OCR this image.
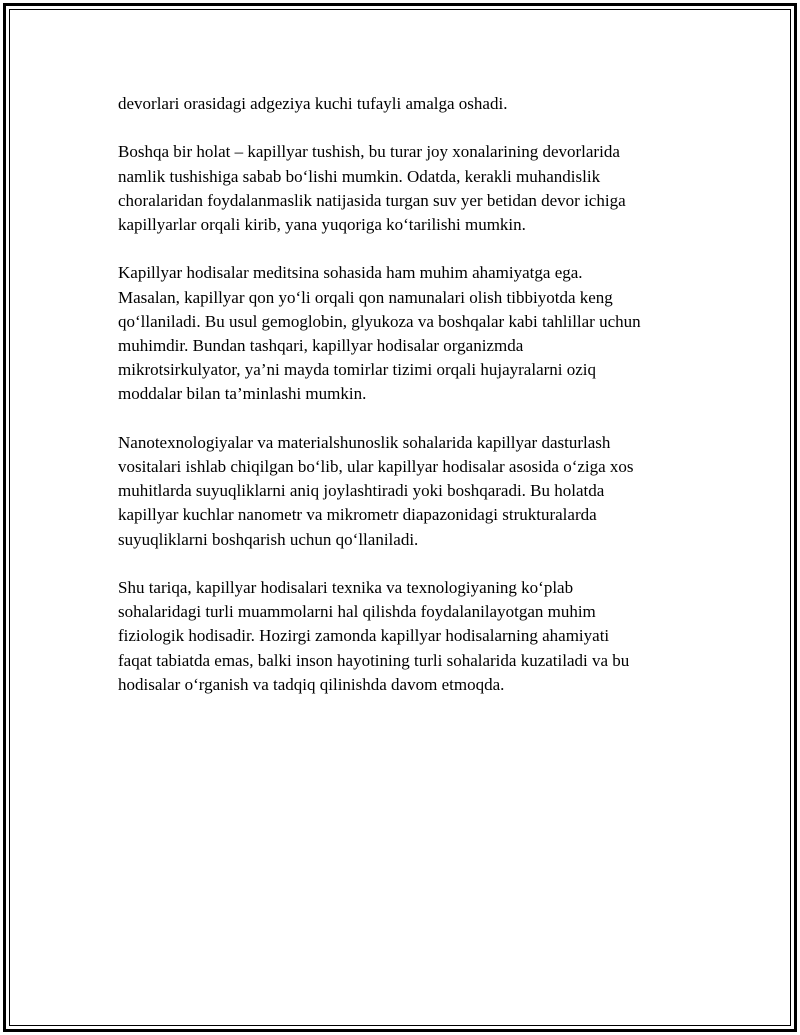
devorlari orasidagi adgeziya kuchi tufayli amalga oshadi.

Boshqa bir holat – kapillyar tushish, bu turar joy xonalarining devorlarida
namlik tushishiga sabab bo‘lishi mumkin. Odatda, kerakli muhandislik
choralaridan foydalanmaslik natijasida turgan suv yer betidan devor ichiga
kapillyarlar orqali kirib, yana yuqoriga ko‘tarilishi mumkin.

Kapillyar hodisalar meditsina sohasida ham muhim ahamiyatga ega.
Masalan, kapillyar qon yo‘li orqali qon namunalari olish tibbiyotda keng
qo‘llaniladi. Bu usul gemoglobin, glyukoza va boshqalar kabi tahlillar uchun
muhimdir. Bundan tashqari, kapillyar hodisalar organizmda
mikrotsirkulyator, ya’ni mayda tomirlar tizimi orqali hujayralarni oziq
moddalar bilan ta’minlashi mumkin.

Nanotexnologiyalar va materialshunoslik sohalarida kapillyar dasturlash
vositalari ishlab chiqilgan bo‘lib, ular kapillyar hodisalar asosida o‘ziga xos
muhitlarda suyuqliklarni aniq joylashtiradi yoki boshqaradi. Bu holatda
kapillyar kuchlar nanometr va mikrometr diapazonidagi strukturalarda
suyuqliklarni boshqarish uchun qo‘llaniladi.

Shu tariqa, kapillyar hodisalari texnika va texnologiyaning ko‘plab
sohalaridagi turli muammolarni hal qilishda foydalanilayotgan muhim
fiziologik hodisadir. Hozirgi zamonda kapillyar hodisalarning ahamiyati
faqat tabiatda emas, balki inson hayotining turli sohalarida kuzatiladi va bu
hodisalar o‘rganish va tadqiq qilinishda davom etmoqda.
